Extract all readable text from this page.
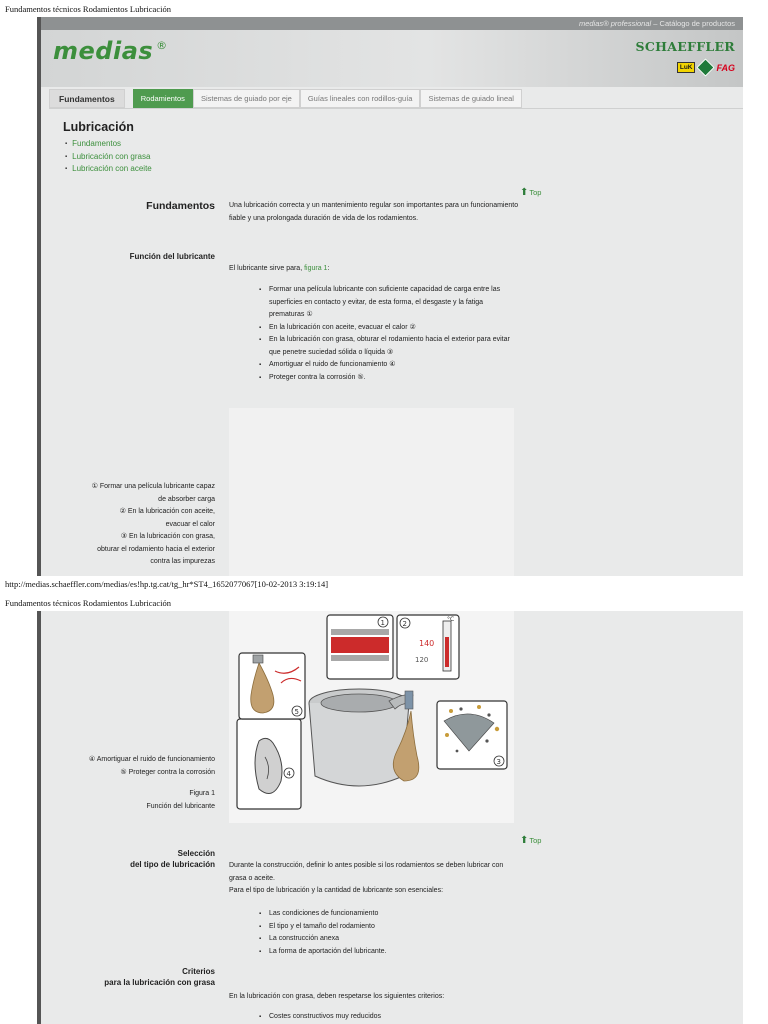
Fundamentos técnicos Rodamientos Lubricación
medias® professional – Catálogo de productos
medias ®	SCHAEFFLER
LuK	FAG
Fundamentos	Rodamientos	Sistemas de guiado por eje	Guías lineales con rodillos-guía	Sistemas de guiado lineal
Lubricación
▪ Fundamentos
▪ Lubricación con grasa
▪ Lubricación con aceite
⬆Top
Fundamentos Una lubricación correcta y un mantenimiento regular son importantes para un funcionamiento fiable y una prolongada duración de vida de los rodamientos.
Función del lubricante
El lubricante sirve para, figura 1:
▪ Formar una película lubricante con suficiente capacidad de carga entre las superficies en contacto y evitar, de esta forma, el desgaste y la fatiga prematuras ①
▪ En la lubricación con aceite, evacuar el calor ②
▪ En la lubricación con grasa, obturar el rodamiento hacia el exterior para evitar que penetre suciedad sólida o líquida ③
▪ Amortiguar el ruido de funcionamiento ④
▪ Proteger contra la corrosión ⑤.
① Formar una película lubricante capaz
de absorber carga
② En la lubricación con aceite,
evacuar el calor
③ En la lubricación con grasa,
obturar el rodamiento hacia el exterior
contra las impurezas
http://medias.schaeffler.com/medias/es!hp.tg.cat/tg_hr*ST4_1652077067[10-02-2013 3:19:14]
Fundamentos técnicos Rodamientos Lubricación
1	2
140
120
°C
3
4
5
④ Amortiguar el ruido de funcionamiento
⑤ Proteger contra la corrosión
Figura 1
Función del lubricante
⬆Top
Selección
del tipo de lubricación Durante la construcción, definir lo antes posible si los rodamientos se deben lubricar con grasa o aceite.
Para el tipo de lubricación y la cantidad de lubricante son esenciales:
▪ Las condiciones de funcionamiento
▪ El tipo y el tamaño del rodamiento
▪ La construcción anexa
▪ La forma de aportación del lubricante.
Criterios
para la lubricación con grasa
En la lubricación con grasa, deben respetarse los siguientes criterios:
▪ Costes constructivos muy reducidos
